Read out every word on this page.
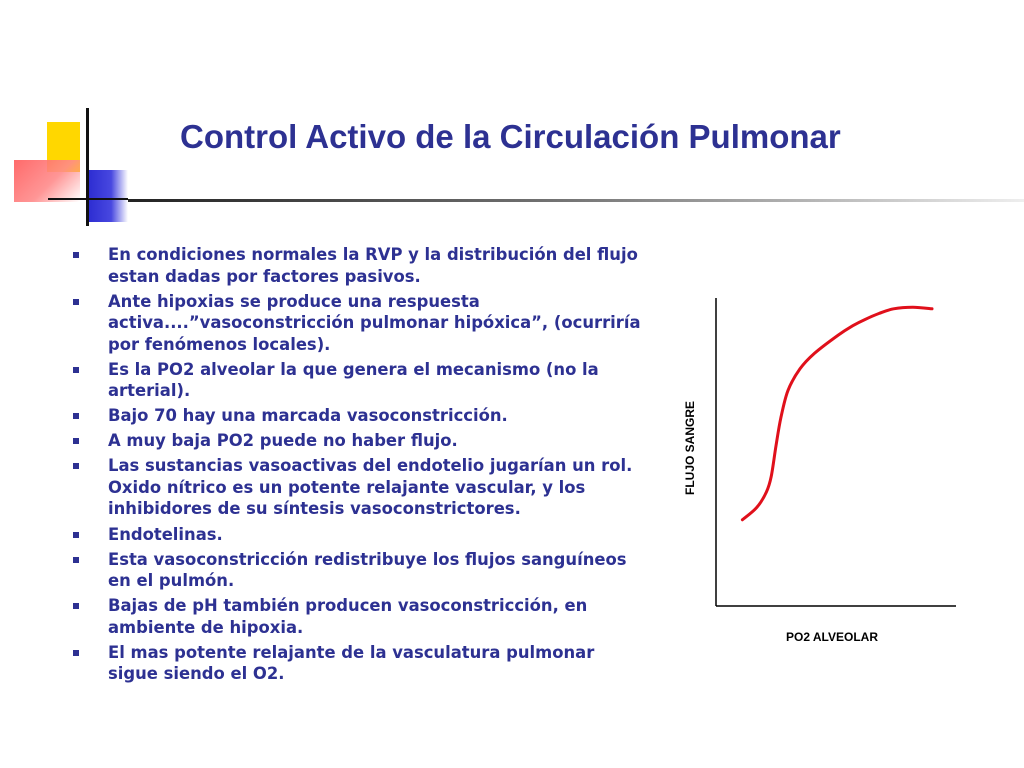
Control Activo de la Circulación Pulmonar
En condiciones normales la RVP y la distribución del flujo estan dadas por factores pasivos.
Ante hipoxias se produce una respuesta activa....”vasoconstricción pulmonar hipóxica”, (ocurriría por fenómenos locales).
Es la PO2 alveolar la que genera el mecanismo (no la arterial).
Bajo 70 hay una marcada vasoconstricción.
A muy baja PO2 puede no haber flujo.
Las sustancias vasoactivas del endotelio jugarían un rol. Oxido nítrico es un potente relajante vascular, y los inhibidores de su síntesis vasoconstrictores.
Endotelinas.
Esta vasoconstricción redistribuye los flujos sanguíneos en el pulmón.
Bajas de pH también producen vasoconstricción, en ambiente de hipoxia.
El mas potente relajante de la vasculatura pulmonar sigue siendo el O2.
FLUJO SANGRE
PO2 ALVEOLAR
